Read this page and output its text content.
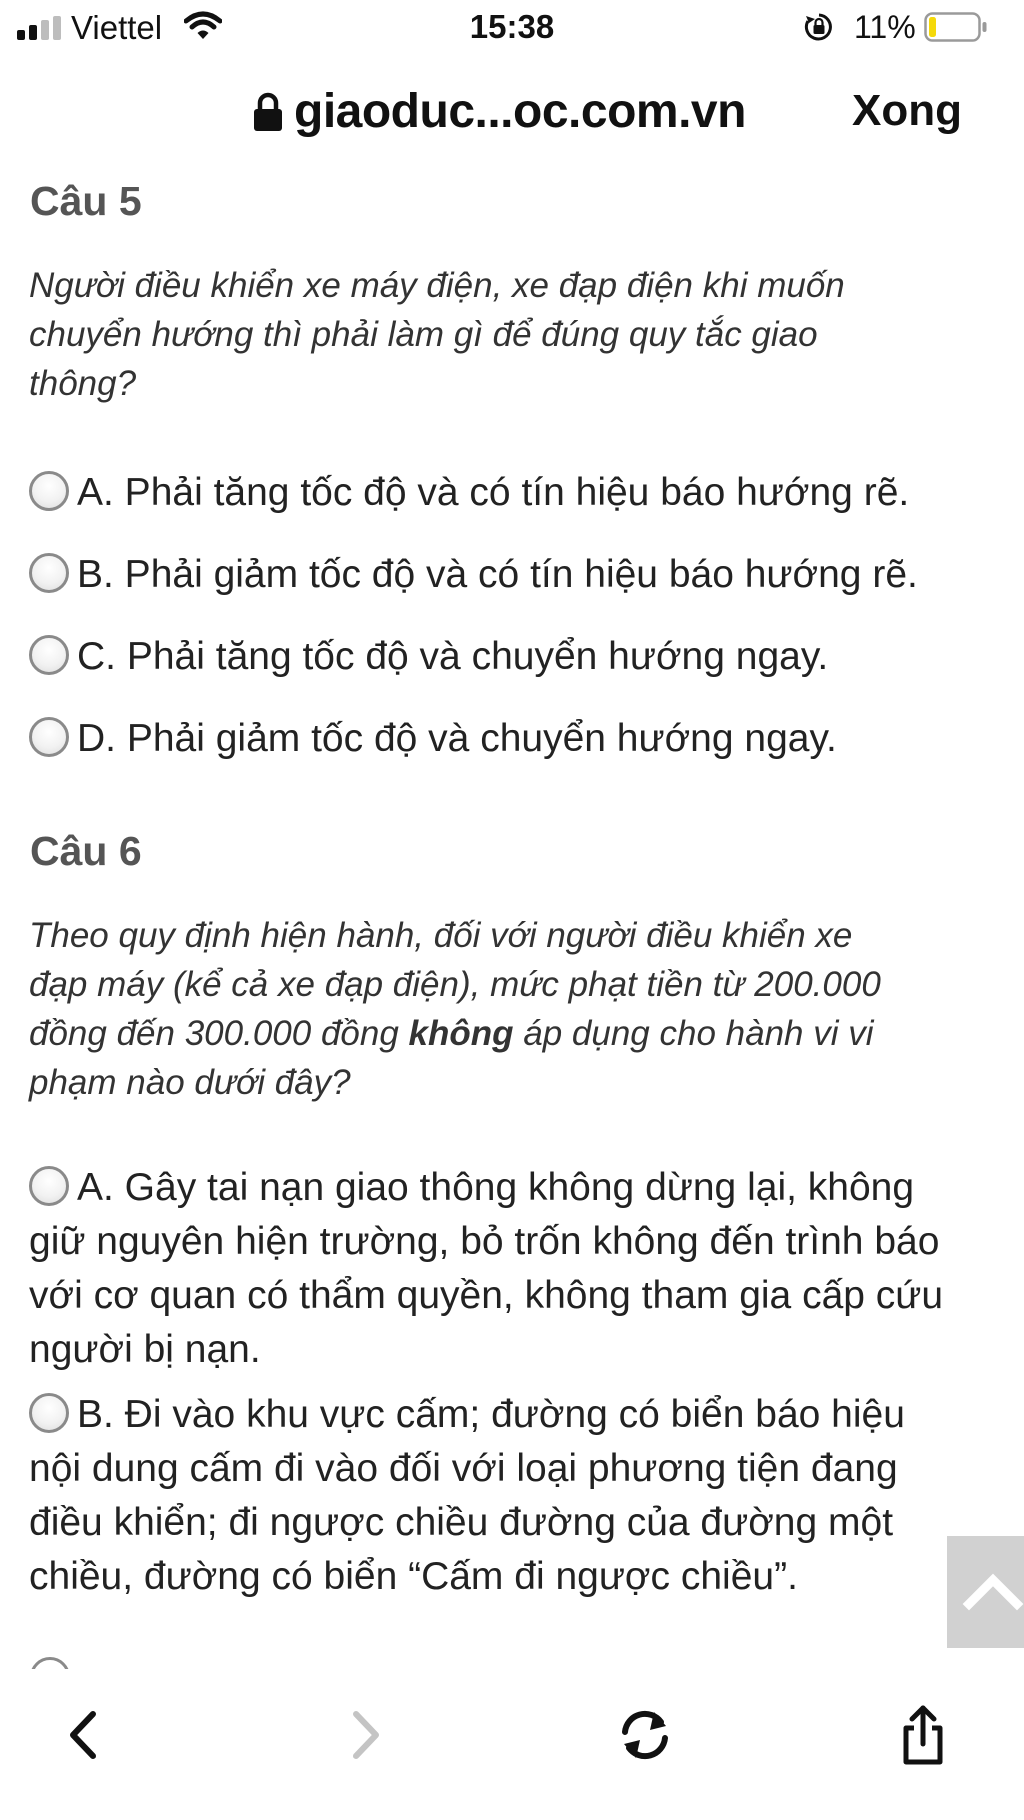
Viettel	15:38	11%
giaoduc...oc.com.vn Xong
Câu 5
Người điều khiển xe máy điện, xe đạp điện khi muốn
chuyển hướng thì phải làm gì để đúng quy tắc giao
thông?
A. Phải tăng tốc độ và có tín hiệu báo hướng rẽ.
B. Phải giảm tốc độ và có tín hiệu báo hướng rẽ.
C. Phải tăng tốc độ và chuyển hướng ngay.
D. Phải giảm tốc độ và chuyển hướng ngay.
Câu 6
Theo quy định hiện hành, đối với người điều khiển xe
đạp máy (kể cả xe đạp điện), mức phạt tiền từ 200.000
đồng đến 300.000 đồng không áp dụng cho hành vi vi
phạm nào dưới đây?
A. Gây tai nạn giao thông không dừng lại, không
giữ nguyên hiện trường, bỏ trốn không đến trình báo
với cơ quan có thẩm quyền, không tham gia cấp cứu
người bị nạn.
B. Đi vào khu vực cấm; đường có biển báo hiệu
nội dung cấm đi vào đối với loại phương tiện đang
điều khiển; đi ngược chiều đường của đường một
chiều, đường có biển “Cấm đi ngược chiều”.
